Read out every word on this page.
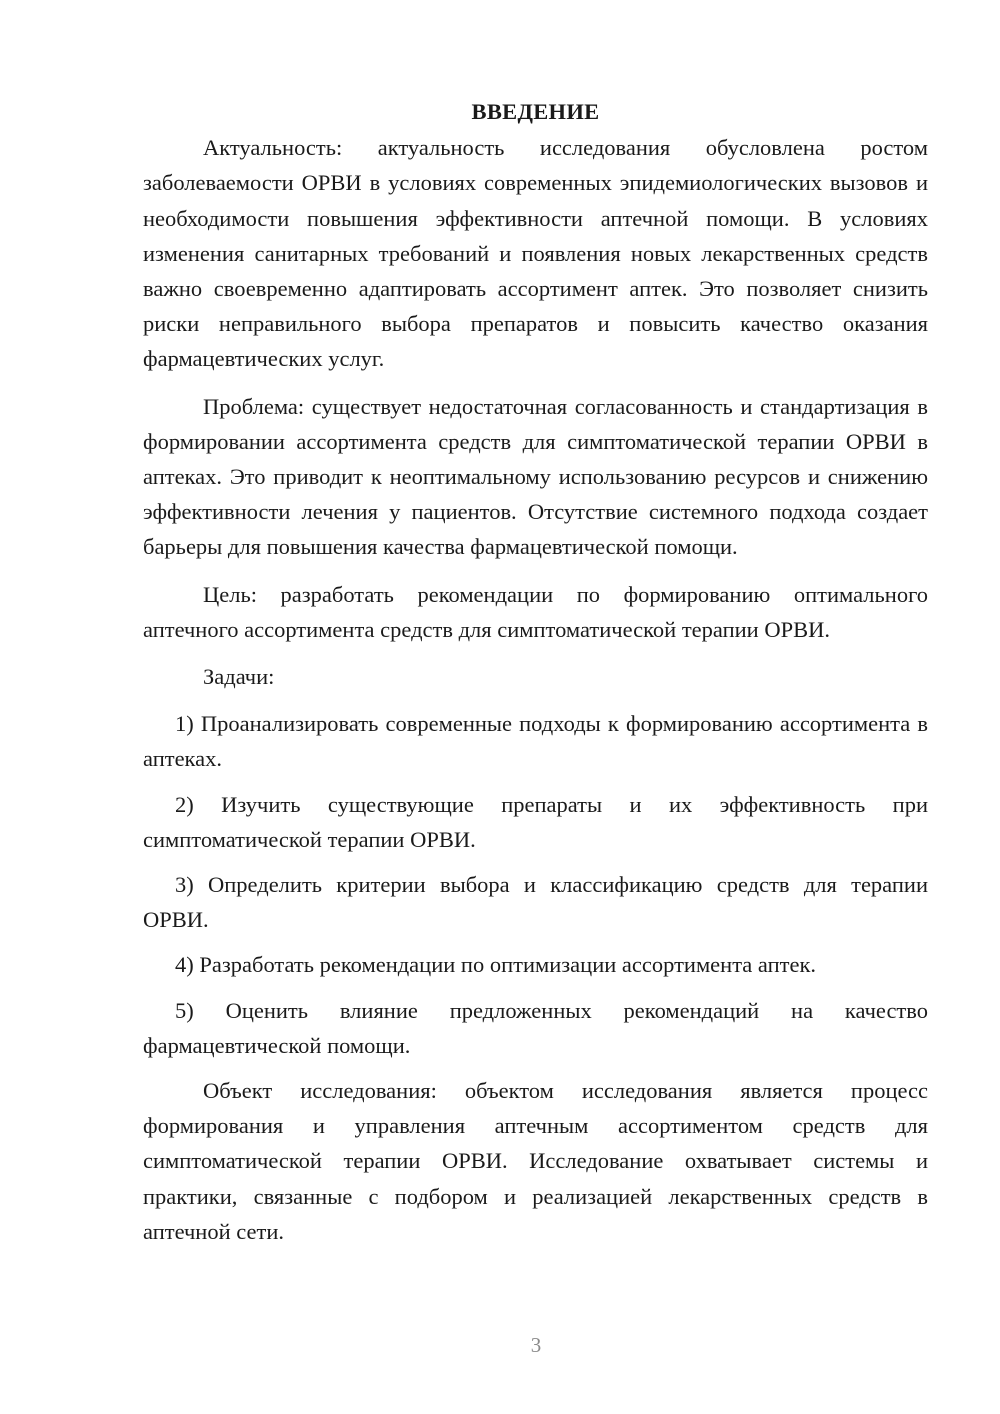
ВВЕДЕНИЕ

Актуальность: актуальность исследования обусловлена ростом заболеваемости ОРВИ в условиях современных эпидемиологических вызовов и необходимости повышения эффективности аптечной помощи. В условиях изменения санитарных требований и появления новых лекарственных средств важно своевременно адаптировать ассортимент аптек. Это позволяет снизить риски неправильного выбора препаратов и повысить качество оказания фармацевтических услуг.

Проблема: существует недостаточная согласованность и стандартизация в формировании ассортимента средств для симптоматической терапии ОРВИ в аптеках. Это приводит к неоптимальному использованию ресурсов и снижению эффективности лечения у пациентов. Отсутствие системного подхода создает барьеры для повышения качества фармацевтической помощи.

Цель: разработать рекомендации по формированию оптимального аптечного ассортимента средств для симптоматической терапии ОРВИ.

Задачи:

1) Проанализировать современные подходы к формированию ассортимента в аптеках.

2) Изучить существующие препараты и их эффективность при симптоматической терапии ОРВИ.

3) Определить критерии выбора и классификацию средств для терапии ОРВИ.

4) Разработать рекомендации по оптимизации ассортимента аптек.

5) Оценить влияние предложенных рекомендаций на качество фармацевтической помощи.

Объект исследования: объектом исследования является процесс формирования и управления аптечным ассортиментом средств для симптоматической терапии ОРВИ. Исследование охватывает системы и практики, связанные с подбором и реализацией лекарственных средств в аптечной сети.

3
